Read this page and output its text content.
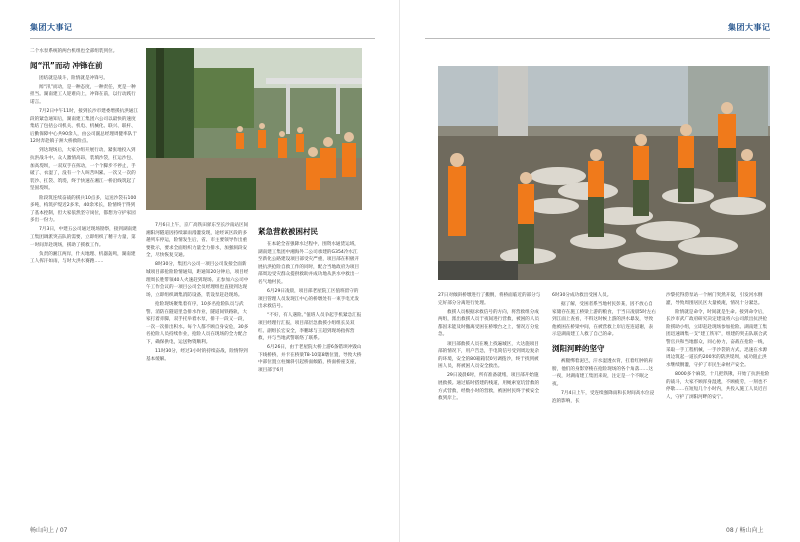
集团大事记

二个水泵系统的两台机组也全部组装到位。

闻“汛”而动 冲锋在前

团结就是战斗，险情就是冲锋号。

闻“汛”而动，是一种态度，一种责任，更是一种担当。湖南建工人迎难向上，冲锋在前，以行动践行诺言。

7月2日中午11时，接到长沙市建委增援抗洪通江段的紧急通知后，湖南建工集团六公司以最快的速度集结了包括公司机关、机电、机械化、联兴、联杆、后勤保障中心共90余人，由公司副总经理周健率队于12时奔赴镇子洲大桥救险点。

到达现场后，大家分组开展行动，紧张地投入到抗洪战斗中。众人激情高昂，装填沙袋，扛运沙包、加高堤坝，一双双手在挥动，一个个脚步不停止，手破了、衣湿了，没有一个人叫苦叫累。一次又一次的装沙、扛袋、筑堤，终于快速在湘江一桥沿线筑起了坚固堤坝。

险段筑连续奋战的援兵10点多，运送沙袋石100多吨，构筑护堤近2多米，40余米长，险情终于得到了基本控制，但大家依然坚守岗位，都想为守护家园多出一份力。

7月3日，中建五公司通过现场勘察，接到湖南建工集团调派突击队的需要，立即组织了精干力量，第一时间奔赴现场，援助了援救工作。

负责的湘江两岸，什夫地理、机器轰鸣，湖南建工人挥汗如雨，与时大洪水赛跑……

7月6日上午，京广高铁田驿东至长沙南站区间湘阳河隧道因持续暴雨漫灌发现，途经该区段的多趟列车停运，险情发生后，省、市主要领导作出重要批示，要求全面组织力量全力排水，加强洞段安全，尽快恢复交通。

8时30分，集团六公司一项目公司发接全面新城项目部抢险险情通知，距通知20分钟后，项目经理周长胜带领40人火速赶到现场。正参加六公司中午工作会议的一项目公司全员经理组也直接到达现场，立即组织调集消防设备，装设泵赶赴现场。

抢险现场聚集着有序，10多名抢险队员与武警、消防在隧道里急排水作业，隧道间铁路轨，大家打着赤脚，双手托举着水泵，排干一段又一段，一次一次排出积水。每个人都不顾自身安危，30多名抢险人员持续作业，抢险人员在现场的全力配合下，确保供电，运送物资顺利。

11时30分，经过3小时的持续奋战，险情得到基本缓解。

紧急营救被困村民

在本轮全省强降水过程中，围资水通货运域，湖南建工集团中湘海外二公司承建的G354冷水江至新化公路建设项目部受灾严重，项目部在积极开展抗洪抢险自救工作的同时，配合当地政府为项目部周边受灾群众提供救助并成功地从洪水中救出一名气地村民。

6月29日凌晨，项目部老屋院工区值班留守的项目管理人员发现江中心的桥墩处有一束手电光发出求救信号。

“不好，有人遇险。”值班人员争起手机紧急汇报项目经理行汇报，项目部层急救援小组组长吴双红、副组长宏安全，李鹏球与王超到现场指挥营救，并与当地武警联络了联系。

6月26日，由于老屋院大桥上游6条错坝冲毁山下线桥桥，并卡在桥梁T8-10第8墩位置，导致大桥中部位置立柱倾斜引起桥面倾陷，桥面桥座支座，项目部于6月

畅山向上 / 07
集团大事记

27日对倾斜桥墩进行了搬倒，将桥面临近的部分与完好部分分离进行处理。

救援人员根据求救信号的方向，将营救组分成两组，派出救援人员于夜间进行营救，被困的人员都因未能及时撤离受困在桥墩台之上，情况万分危急。

项目部救援人员在晚上找遍城区，大达施项目部的情况下，用户告急，手电筒信号受到周边复杂的环境，安全的80箱箱装0另调拨沙，终于找到被困人员，将被困人员安全救出。

29日凌晨6时，所有准备就绪，项目部开始施展救援。通过临时搭建的栈道，用绳索宽坑营救的方式营救，经数小时的营救，被困村民终于被安全救到岸上。

6时30分成功救出受困人员。

据了解，受困者系当地村民彭某，因不放心自家储存在施工桥梁上游的粮食，于当日凌晨5时左右到江面上查看，不料这时候上游的洪水暴发，导致他被困在桥梁中间，在被营救上岸后连连道谢，表示是湖南建工人救了自己的命。

浏阳河畔的坚守

裤腿绑着泥巴，汗水湿透衣背，扛着红肿的肩膀，他们的身影穿梭在抢险现场的各个角落……这一夜，对湖南建工集团来说，注定是一个不眠之夜。

7月4日上午，受连续强降雨和长时间高水位浸泡的影响，长

沙黎托得涝泵站一个闸门突然开裂，引发河水倒灌，导致周围居民区大量被淹，情况十分紧急。

险情就是命令，时间就是生命。接到命令后，长沙市武广政府研究决定建设将六公司派出抗洪抢险援助小组，立即赶赴现场参加抢险。湖南建工集团迅速调集一支“建工铁军”，组建的突击队联合武警官兵和当地群众，同心协力，奋战在抢险一线，采取一手工程机械，一手沙袋的方式，迅速在水源周边筑起一道长约200米的防洪堤坝，成功阻止洪水继续倒灌，守护了市民生命财产安全。

8000多个麻袋，十几把铁锹，开始了抗洪抢险的战斗，大家不顾浑身湿透，不顾疲劳，一刻也不停歇……在短短几个小时内，共投入施工人员近百人，守护了浏阳河畔的安宁。

08 / 畅山向上
